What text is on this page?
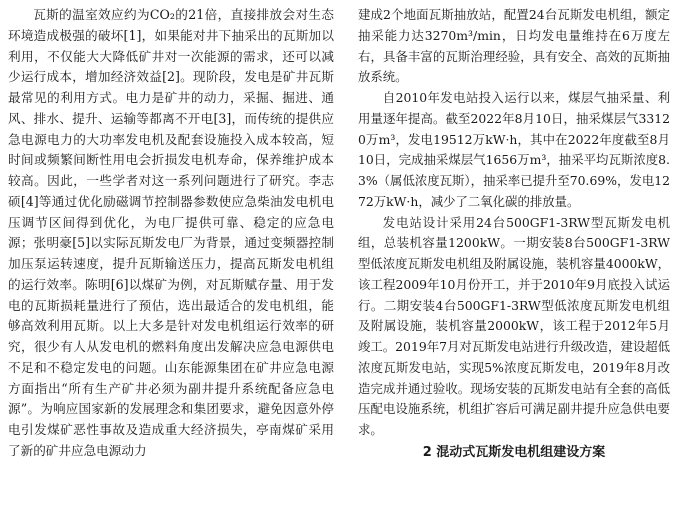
瓦斯的温室效应约为CO₂的21倍，直接排放会对生态环境造成极强的破坏[1]，如果能对井下抽采出的瓦斯加以利用，不仅能大大降低矿井对一次能源的需求，还可以减少运行成本，增加经济效益[2]。现阶段，发电是矿井瓦斯最常见的利用方式。电力是矿井的动力，采掘、掘进、通风、排水、提升、运输等都离不开电[3]，而传统的提供应急电源电力的大功率发电机及配套设施投入成本较高，短时间或频繁间断性用电会折损发电机寿命，保养维护成本较高。因此，一些学者对这一系列问题进行了研究。李志硕[4]等通过优化励磁调节控制器参数使应急柴油发电机电压调节区间得到优化，为电厂提供可靠、稳定的应急电源；张明豪[5]以实际瓦斯发电厂为背景，通过变频器控制加压泵运转速度，提升瓦斯输送压力，提高瓦斯发电机组的运行效率。陈明[6]以煤矿为例，对瓦斯赋存量、用于发电的瓦斯损耗量进行了预估，选出最适合的发电机组，能够高效利用瓦斯。以上大多是针对发电机组运行效率的研究，很少有人从发电机的燃料角度出发解决应急电源供电不足和不稳定发电的问题。山东能源集团在矿井应急电源方面指出“所有生产矿井必须为副井提升系统配备应急电源”。为响应国家新的发展理念和集团要求，避免因意外停电引发煤矿恶性事故及造成重大经济损失，亭南煤矿采用了新的矿井应急电源动力

建成2个地面瓦斯抽放站，配置24台瓦斯发电机组，额定抽采能力达3270m³/min，日均发电量维持在6万度左右，具备丰富的瓦斯治理经验，具有安全、高效的瓦斯抽放系统。

自2010年发电站投入运行以来，煤层气抽采量、利用量逐年提高。截至2022年8月10日，抽采煤层气33120万m³，发电19512万kW·h，其中在2022年度截至8月10日，完成抽采煤层气1656万m³，抽采平均瓦斯浓度8.3%（属低浓度瓦斯），抽采率已提升至70.69%，发电1272万kW·h，减少了二氧化碳的排放量。

发电站设计采用24台500GF1-3RW型瓦斯发电机组，总装机容量1200kW。一期安装8台500GF1-3RW型低浓度瓦斯发电机组及附属设施，装机容量4000kW，该工程2009年10月份开工，并于2010年9月底投入试运行。二期安装4台500GF1-3RW型低浓度瓦斯发电机组及附属设施，装机容量2000kW，该工程于2012年5月竣工。2019年7月对瓦斯发电站进行升级改造，建设超低浓度瓦斯发电站，实现5%浓度瓦斯发电，2019年8月改造完成并通过验收。现场安装的瓦斯发电站有全套的高低压配电设施系统，机组扩容后可满足副井提升应急供电要求。

2 混动式瓦斯发电机组建设方案
